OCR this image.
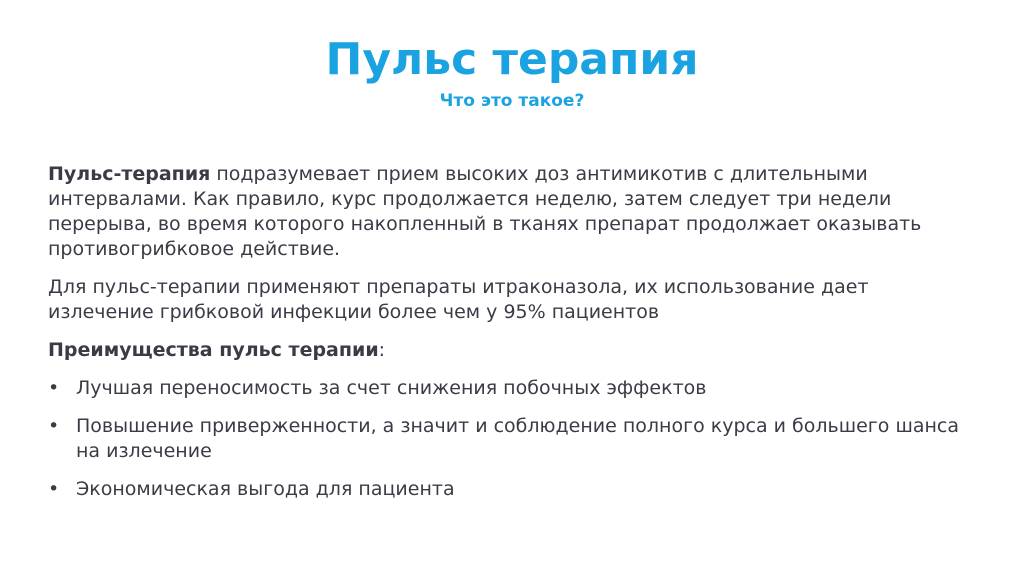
Пульс терапия
Что это такое?

Пульс-терапия подразумевает прием высоких доз антимикотив с длительными интервалами. Как правило, курс продолжается неделю, затем следует три недели перерыва, во время которого накопленный в тканях препарат продолжает оказывать противогрибковое действие.

Для пульс-терапии применяют препараты итраконазола, их использование дает излечение грибковой инфекции более чем у 95% пациентов

Преимущества пульс терапии:

• Лучшая переносимость за счет снижения побочных эффектов
• Повышение приверженности, а значит и соблюдение полного курса и большего шанса на излечение
• Экономическая выгода для пациента
